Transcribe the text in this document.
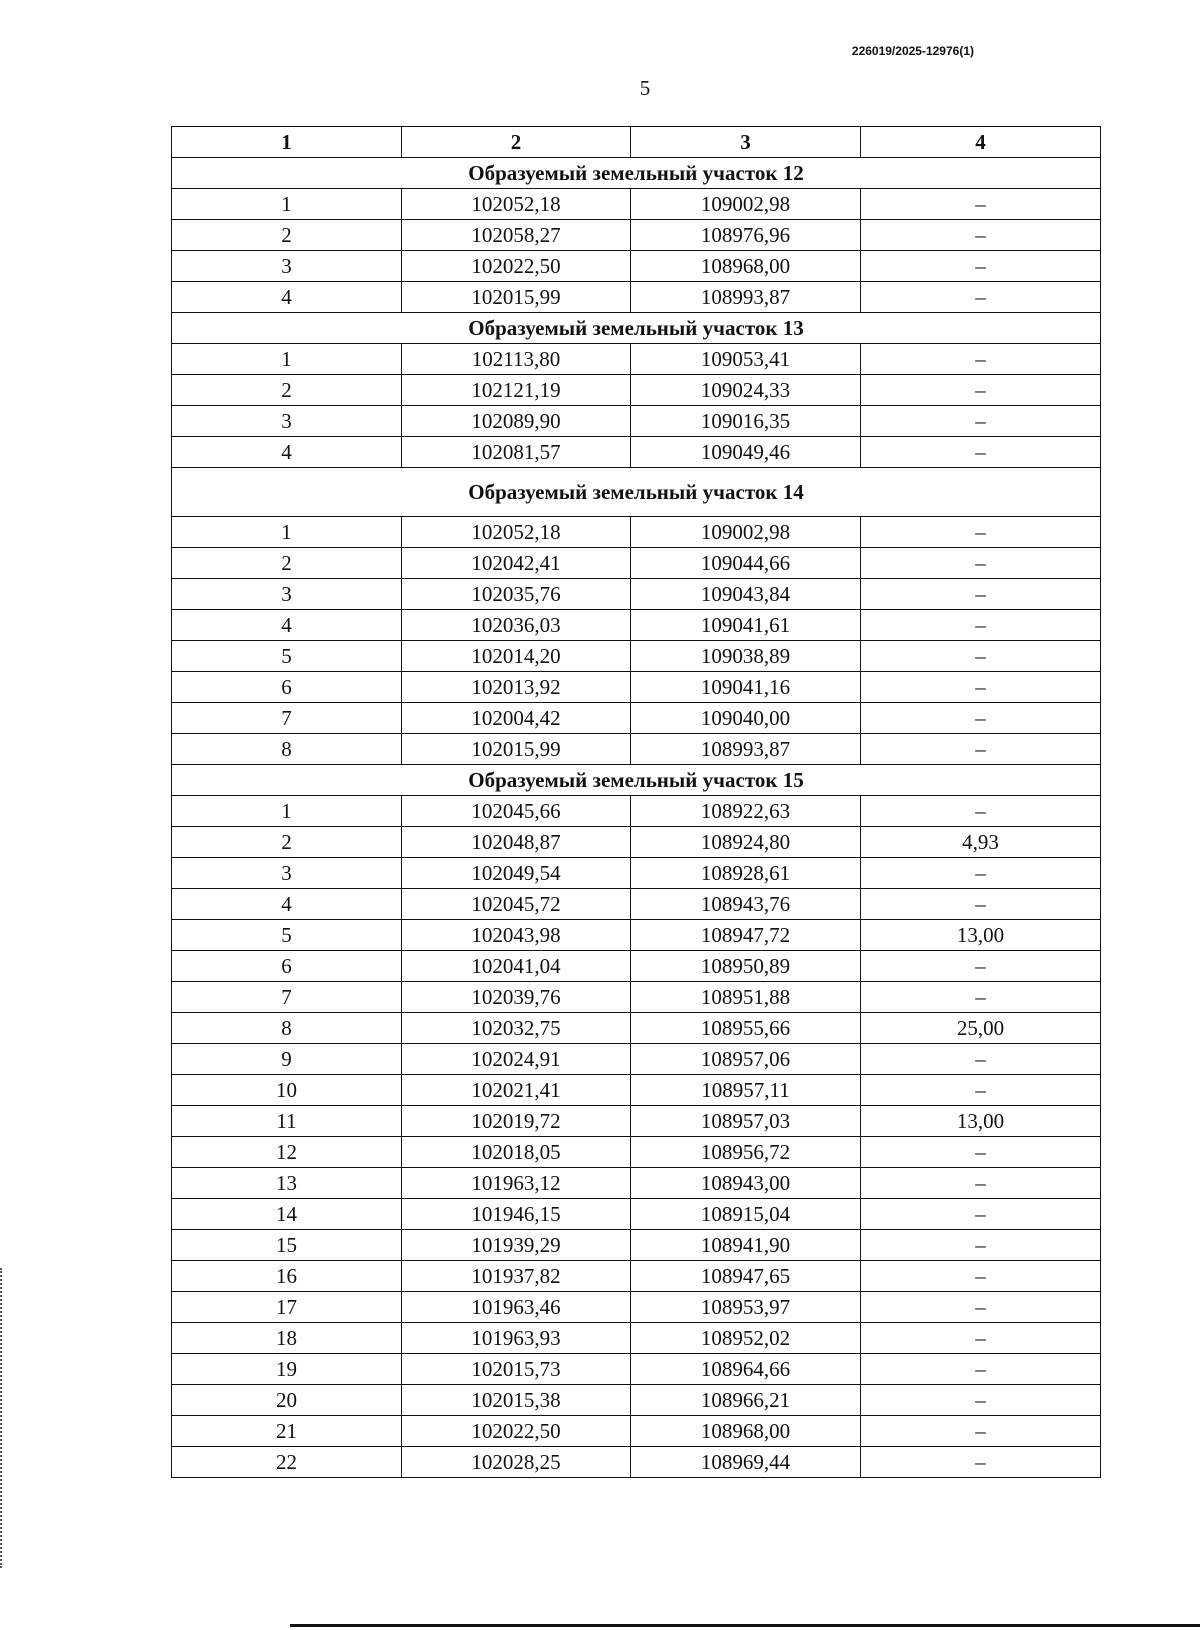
226019/2025-12976(1)
5
1	2	3	4
Образуемый земельный участок 12			
1	102052,18	109002,98	–
2	102058,27	108976,96	–
3	102022,50	108968,00	–
4	102015,99	108993,87	–
Образуемый земельный участок 13			
1	102113,80	109053,41	–
2	102121,19	109024,33	–
3	102089,90	109016,35	–
4	102081,57	109049,46	–
Образуемый земельный участок 14			
1	102052,18	109002,98	–
2	102042,41	109044,66	–
3	102035,76	109043,84	–
4	102036,03	109041,61	–
5	102014,20	109038,89	–
6	102013,92	109041,16	–
7	102004,42	109040,00	–
8	102015,99	108993,87	–
Образуемый земельный участок 15			
1	102045,66	108922,63	–
2	102048,87	108924,80	4,93
3	102049,54	108928,61	–
4	102045,72	108943,76	–
5	102043,98	108947,72	13,00
6	102041,04	108950,89	–
7	102039,76	108951,88	–
8	102032,75	108955,66	25,00
9	102024,91	108957,06	–
10	102021,41	108957,11	–
11	102019,72	108957,03	13,00
12	102018,05	108956,72	–
13	101963,12	108943,00	–
14	101946,15	108915,04	–
15	101939,29	108941,90	–
16	101937,82	108947,65	–
17	101963,46	108953,97	–
18	101963,93	108952,02	–
19	102015,73	108964,66	–
20	102015,38	108966,21	–
21	102022,50	108968,00	–
22	102028,25	108969,44	–
